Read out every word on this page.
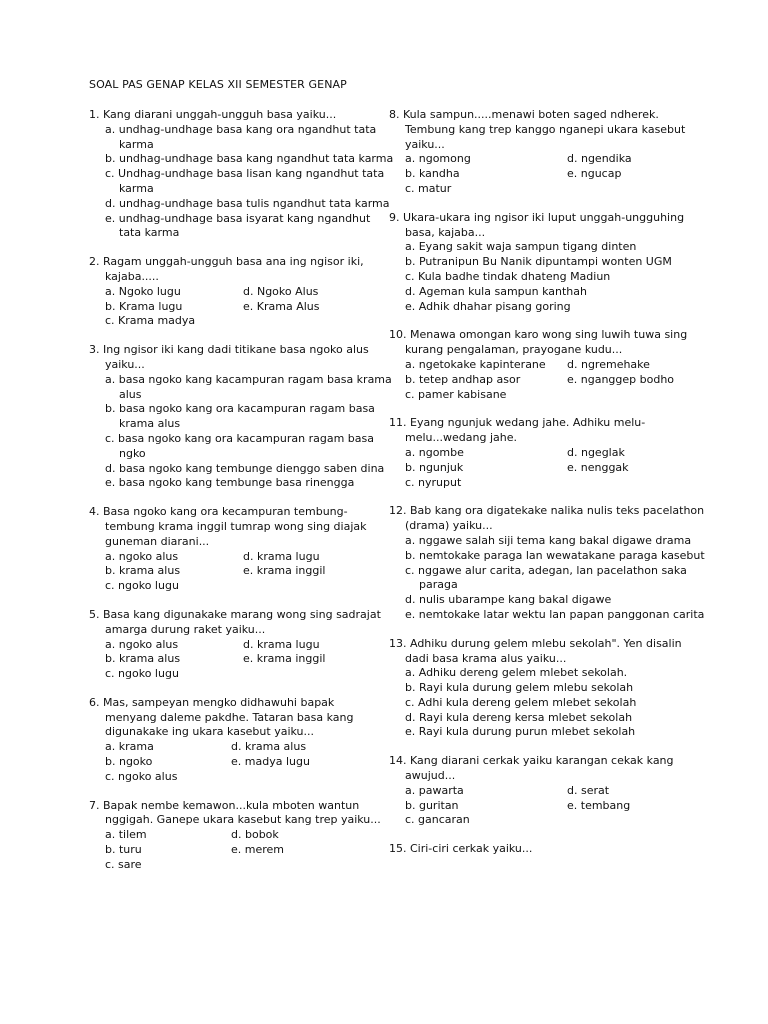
SOAL PAS GENAP KELAS XII SEMESTER GENAP
1. Kang diarani unggah-ungguh basa yaiku...
a. undhag-undhage basa kang ora ngandhut tata karma
b. undhag-undhage basa kang ngandhut tata karma
c. Undhag-undhage basa lisan kang ngandhut tata karma
d. undhag-undhage basa tulis ngandhut tata karma
e. undhag-undhage basa isyarat kang ngandhut tata karma
2. Ragam unggah-ungguh basa ana ing ngisor iki, kajaba.....
a. Ngoko lugu	d. Ngoko Alus
b. Krama lugu	e. Krama Alus
c. Krama madya
3. Ing ngisor iki kang dadi titikane basa ngoko alus yaiku...
a. basa ngoko kang kacampuran ragam basa krama alus
b. basa ngoko kang ora kacampuran ragam basa krama alus
c. basa ngoko kang ora kacampuran ragam basa ngko
d. basa ngoko kang tembunge dienggo saben dina
e. basa ngoko kang tembunge basa rinengga
4. Basa ngoko kang ora kecampuran tembung-tembung krama inggil tumrap wong sing diajak guneman diarani...
a. ngoko alus	d. krama lugu
b. krama alus	e. krama inggil
c. ngoko lugu
5. Basa kang digunakake marang wong sing sadrajat amarga durung raket yaiku...
a. ngoko alus	d. krama lugu
b. krama alus	e. krama inggil
c. ngoko lugu
6. Mas, sampeyan mengko didhawuhi bapak menyang daleme pakdhe. Tataran basa kang digunakake ing ukara kasebut yaiku...
a. krama	d. krama alus
b. ngoko	e. madya lugu
c. ngoko alus
7. Bapak nembe kemawon...kula mboten wantun nggigah. Ganepe ukara kasebut kang trep yaiku...
a. tilem	d. bobok
b. turu	e. merem
c. sare
8. Kula sampun.....menawi boten saged ndherek. Tembung kang trep kanggo nganepi ukara kasebut yaiku...
a. ngomong	d. ngendika
b. kandha	e. ngucap
c. matur
9. Ukara-ukara ing ngisor iki luput unggah-ungguhing basa, kajaba...
a. Eyang sakit waja sampun tigang dinten
b. Putranipun Bu Nanik dipuntampi wonten UGM
c. Kula badhe tindak dhateng Madiun
d. Ageman kula sampun kanthah
e. Adhik dhahar pisang goring
10. Menawa omongan karo wong sing luwih tuwa sing kurang pengalaman, prayogane kudu...
a. ngetokake kapinterane	d. ngremehake
b. tetep andhap asor	e. nganggep bodho
c. pamer kabisane
11. Eyang ngunjuk wedang jahe. Adhiku melu-melu...wedang jahe.
a. ngombe	d. ngeglak
b. ngunjuk	e. nenggak
c. nyruput
12. Bab kang ora digatekake nalika nulis teks pacelathon (drama) yaiku...
a. nggawe salah siji tema kang bakal digawe drama
b. nemtokake paraga lan wewatakane paraga kasebut
c. nggawe alur carita, adegan, lan pacelathon saka paraga
d. nulis ubarampe kang bakal digawe
e. nemtokake latar wektu lan papan panggonan carita
13. Adhiku durung gelem mlebu sekolah". Yen disalin dadi basa krama alus yaiku...
a. Adhiku dereng gelem mlebet sekolah.
b. Rayi kula durung gelem mlebu sekolah
c. Adhi kula dereng gelem mlebet sekolah
d. Rayi kula dereng kersa mlebet sekolah
e. Rayi kula durung purun mlebet sekolah
14. Kang diarani cerkak yaiku karangan cekak kang awujud...
a. pawarta	d. serat
b. guritan	e. tembang
c. gancaran
15. Ciri-ciri cerkak yaiku...
